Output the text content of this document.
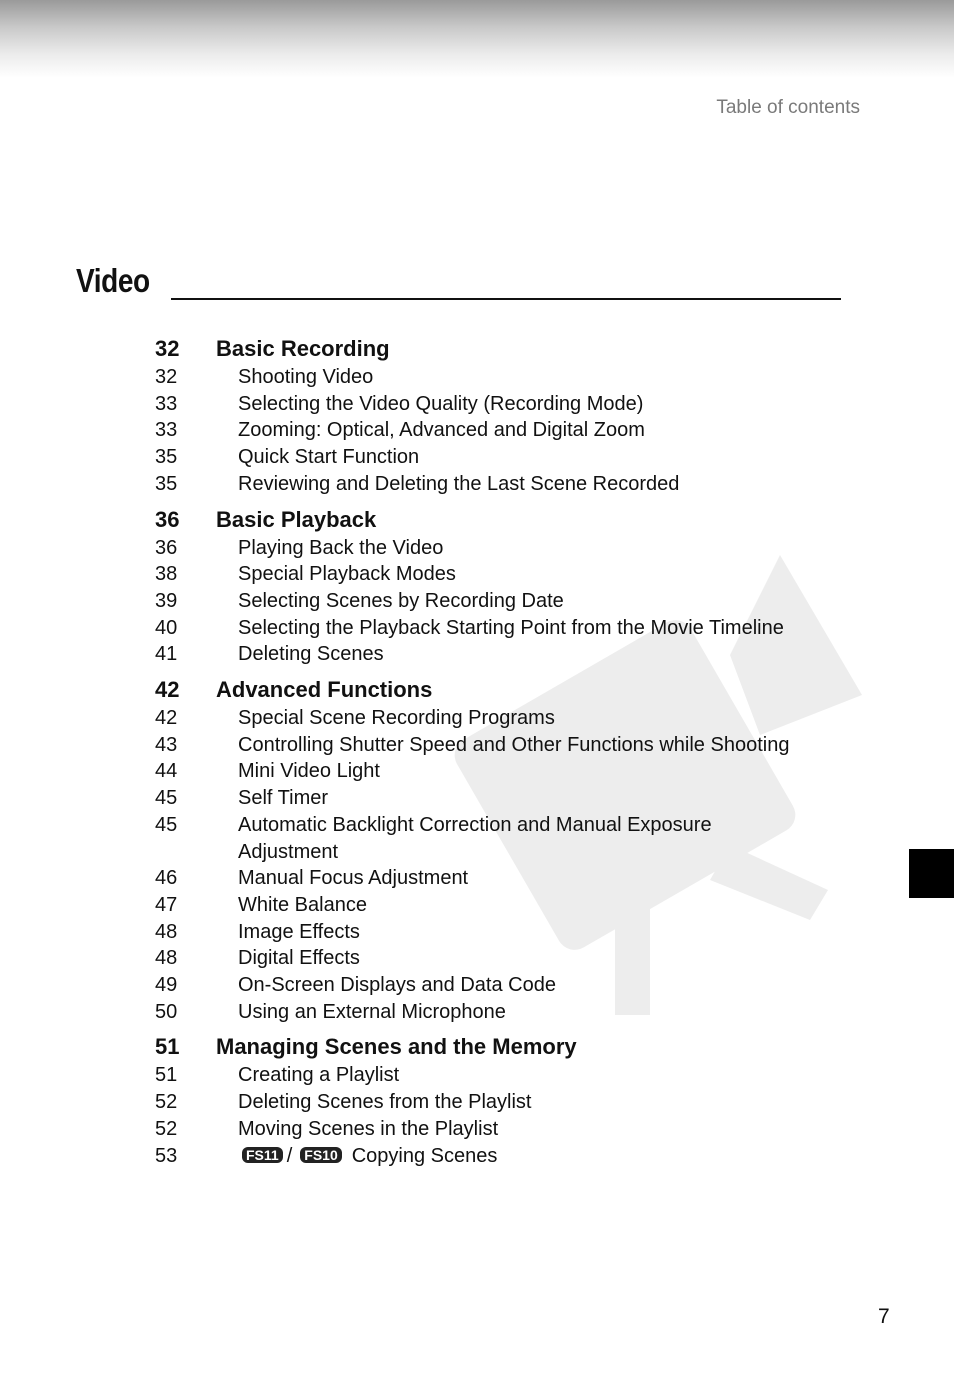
Table of contents
Video
32	Basic Recording
32	Shooting Video
33	Selecting the Video Quality (Recording Mode)
33	Zooming: Optical, Advanced and Digital Zoom
35	Quick Start Function
35	Reviewing and Deleting the Last Scene Recorded
36	Basic Playback
36	Playing Back the Video
38	Special Playback Modes
39	Selecting Scenes by Recording Date
40	Selecting the Playback Starting Point from the Movie Timeline
41	Deleting Scenes
42	Advanced Functions
42	Special Scene Recording Programs
43	Controlling Shutter Speed and Other Functions while Shooting
44	Mini Video Light
45	Self Timer
45	Automatic Backlight Correction and Manual Exposure
Adjustment
46	Manual Focus Adjustment
47	White Balance
48	Image Effects
48	Digital Effects
49	On-Screen Displays and Data Code
50	Using an External Microphone
51	Managing Scenes and the Memory
51	Creating a Playlist
52	Deleting Scenes from the Playlist
52	Moving Scenes in the Playlist
53	FS11 / FS10 Copying Scenes
7
